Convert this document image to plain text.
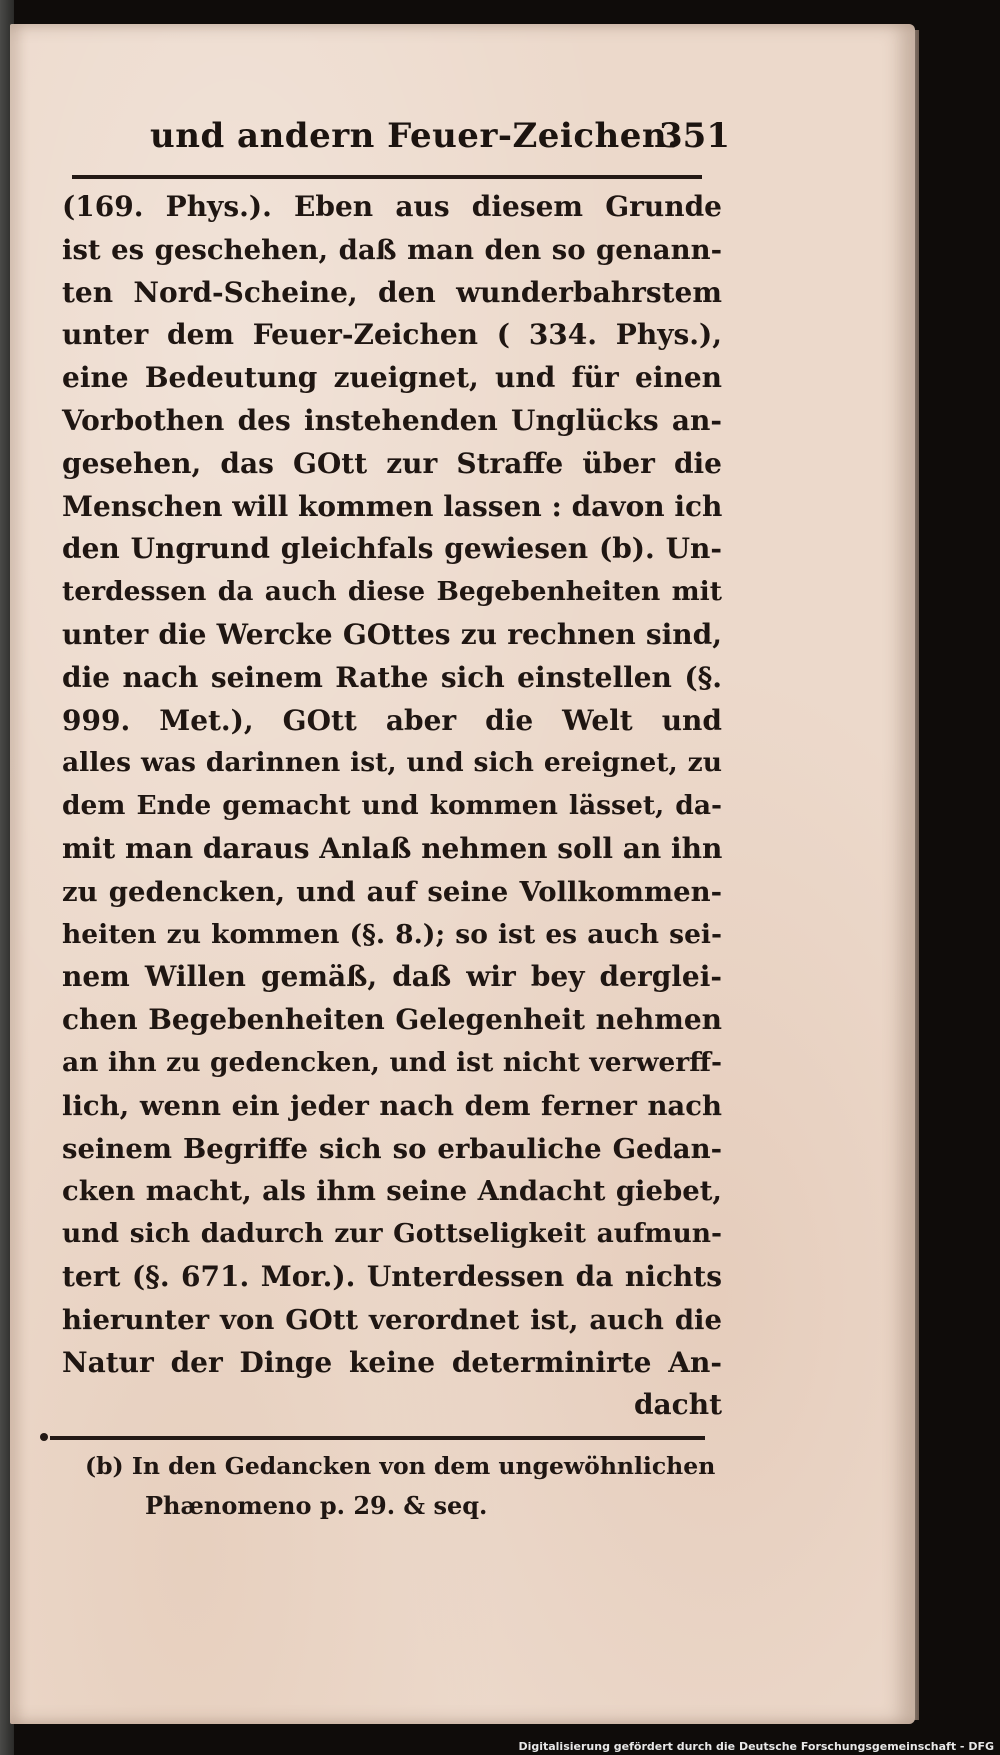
und andern Feuer-Zeichen.
351
(169. Phys.). Eben aus diesem Grunde
ist es geschehen, daß man den so genann-
ten Nord-Scheine, den wunderbahrstem
unter dem Feuer-Zeichen ( 334. Phys.),
eine Bedeutung zueignet, und für einen
Vorbothen des instehenden Unglücks an-
gesehen, das GOtt zur Straffe über die
Menschen will kommen lassen : davon ich
den Ungrund gleichfals gewiesen (b). Un-
terdessen da auch diese Begebenheiten mit
unter die Wercke GOttes zu rechnen sind,
die nach seinem Rathe sich einstellen (§.
999. Met.), GOtt aber die Welt und
alles was darinnen ist, und sich ereignet, zu
dem Ende gemacht und kommen lässet, da-
mit man daraus Anlaß nehmen soll an ihn
zu gedencken, und auf seine Vollkommen-
heiten zu kommen (§. 8.); so ist es auch sei-
nem Willen gemäß, daß wir bey derglei-
chen Begebenheiten Gelegenheit nehmen
an ihn zu gedencken, und ist nicht verwerff-
lich, wenn ein jeder nach dem ferner nach
seinem Begriffe sich so erbauliche Gedan-
cken macht, als ihm seine Andacht giebet,
und sich dadurch zur Gottseligkeit aufmun-
tert (§. 671. Mor.). Unterdessen da nichts
hierunter von GOtt verordnet ist, auch die
Natur der Dinge keine determinirte An-
dacht
(b) In den Gedancken von dem ungewöhnlichen
Phænomeno p. 29. & seq.
Digitalisierung gefördert durch die Deutsche Forschungsgemeinschaft - DFG
